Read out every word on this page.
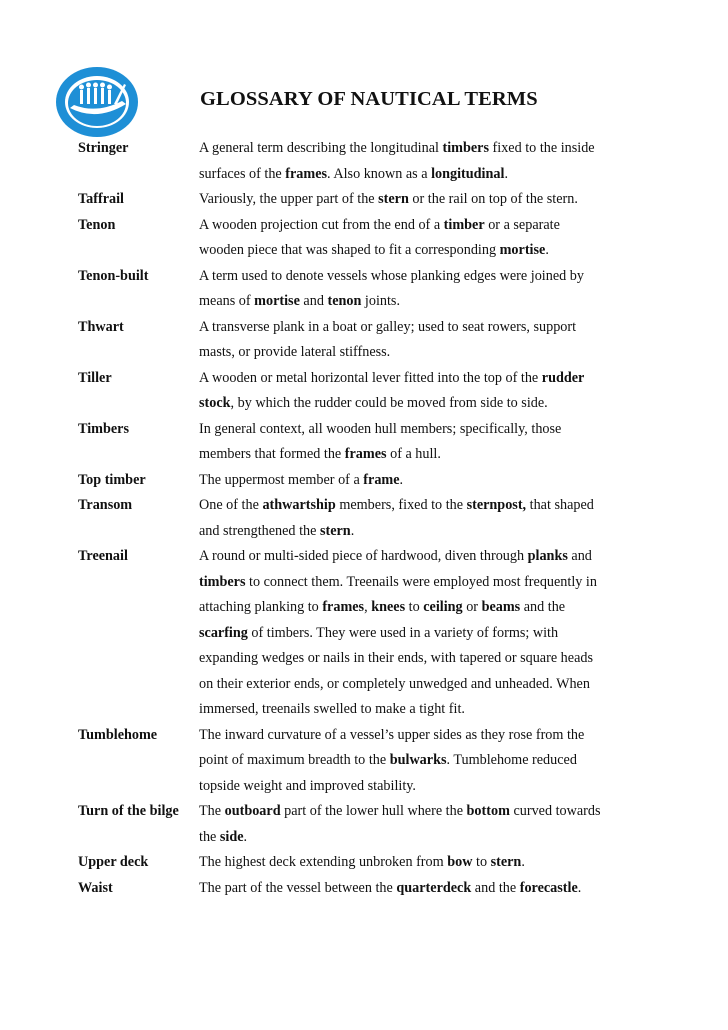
GLOSSARY OF NAUTICAL TERMS
Stringer	A general term describing the longitudinal timbers fixed to the inside
surfaces of the frames. Also known as a longitudinal.
Taffrail	Variously, the upper part of the stern or the rail on top of the stern.
Tenon	A wooden projection cut from the end of a timber or a separate
wooden piece that was shaped to fit a corresponding mortise.
Tenon-built	A term used to denote vessels whose planking edges were joined by
means of mortise and tenon joints.
Thwart	A transverse plank in a boat or galley; used to seat rowers, support
masts, or provide lateral stiffness.
Tiller	A wooden or metal horizontal lever fitted into the top of the rudder
stock, by which the rudder could be moved from side to side.
Timbers	In general context, all wooden hull members; specifically, those
members that formed the frames of a hull.
Top timber	The uppermost member of a frame.
Transom	One of the athwartship members, fixed to the sternpost, that shaped
and strengthened the stern.
Treenail	A round or multi-sided piece of hardwood, diven through planks and
timbers to connect them. Treenails were employed most frequently in
attaching planking to frames, knees to ceiling or beams and the
scarfing of timbers. They were used in a variety of forms; with
expanding wedges or nails in their ends, with tapered or square heads
on their exterior ends, or completely unwedged and unheaded. When
immersed, treenails swelled to make a tight fit.
Tumblehome	The inward curvature of a vessel’s upper sides as they rose from the
point of maximum breadth to the bulwarks. Tumblehome reduced
topside weight and improved stability.
Turn of the bilge	The outboard part of the lower hull where the bottom curved towards
the side.
Upper deck	The highest deck extending unbroken from bow to stern.
Waist	The part of the vessel between the quarterdeck and the forecastle.
